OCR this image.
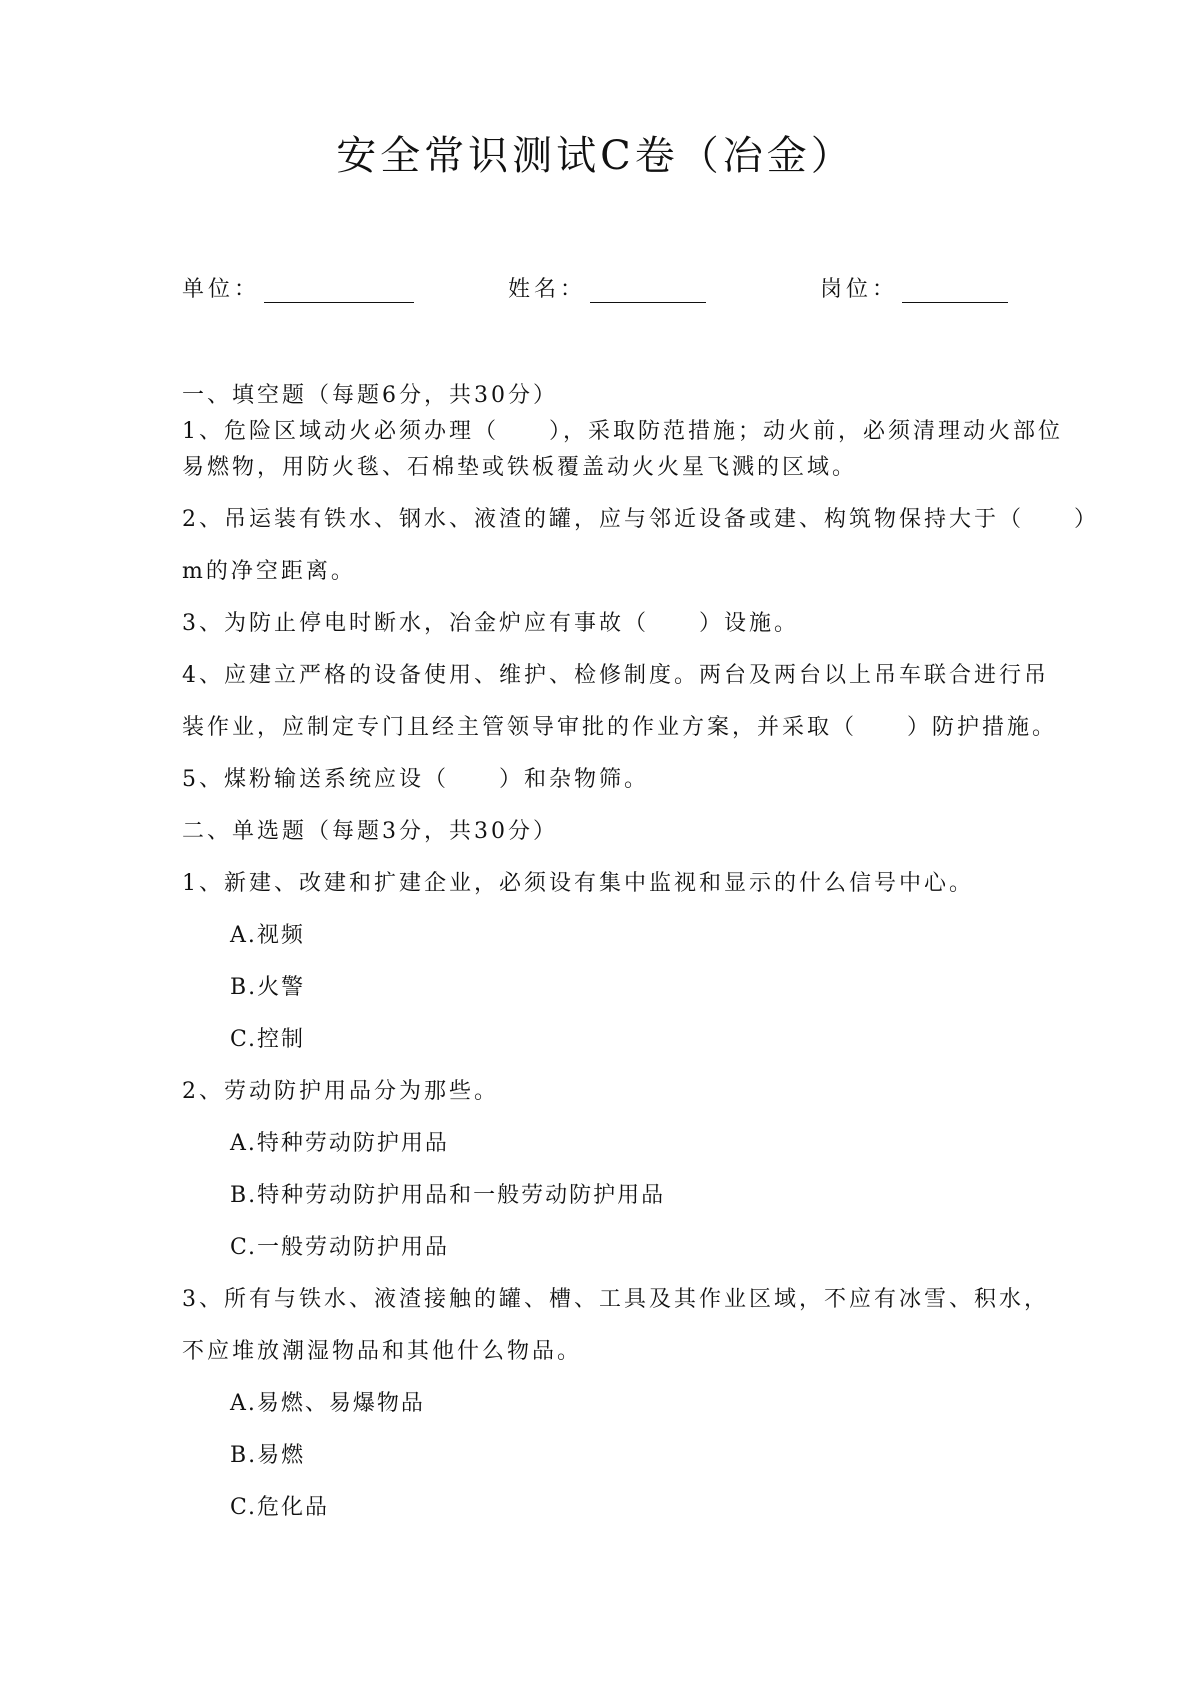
安全常识测试C卷（冶金）
单位：	姓名：	岗位：

一、填空题（每题6分，共30分）

1、危险区域动火必须办理（　　），采取防范措施；动火前，必须清理动火部位

易燃物，用防火毯、石棉垫或铁板覆盖动火火星飞溅的区域。

2、吊运装有铁水、钢水、液渣的罐，应与邻近设备或建、构筑物保持大于（　　）

m的净空距离。

3、为防止停电时断水，冶金炉应有事故（　　）设施。

4、应建立严格的设备使用、维护、检修制度。两台及两台以上吊车联合进行吊

装作业，应制定专门且经主管领导审批的作业方案，并采取（　　）防护措施。

5、煤粉输送系统应设（　　）和杂物筛。

二、单选题（每题3分，共30分）

1、新建、改建和扩建企业，必须设有集中监视和显示的什么信号中心。

A.视频

B.火警

C.控制

2、劳动防护用品分为那些。

A.特种劳动防护用品

B.特种劳动防护用品和一般劳动防护用品

C.一般劳动防护用品

3、所有与铁水、液渣接触的罐、槽、工具及其作业区域，不应有冰雪、积水，

不应堆放潮湿物品和其他什么物品。

A.易燃、易爆物品

B.易燃

C.危化品
